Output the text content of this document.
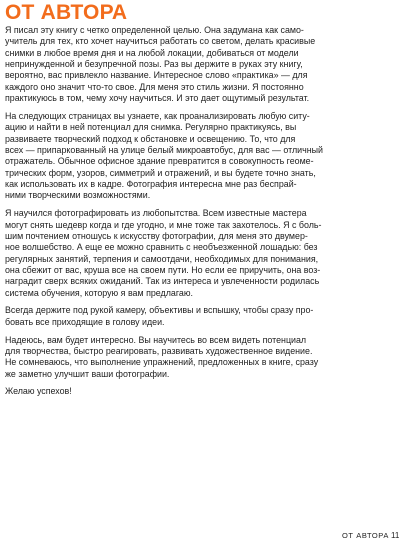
ОТ АВТОРА
Я писал эту книгу с четко определенной целью. Она задумана как само-
учитель для тех, кто хочет научиться работать со светом, делать красивые
снимки в любое время дня и на любой локации, добиваться от модели
непринужденной и безупречной позы. Раз вы держите в руках эту книгу,
вероятно, вас привлекло название. Интересное слово «практика» — для
каждого оно значит что-то свое. Для меня это стиль жизни. Я постоянно
практикуюсь в том, чему хочу научиться. И это дает ощутимый результат.
На следующих страницах вы узнаете, как проанализировать любую ситу-
ацию и найти в ней потенциал для снимка. Регулярно практикуясь, вы
развиваете творческий подход к обстановке и освещению. То, что для
всех — припаркованный на улице белый микроавтобус, для вас — отличный
отражатель. Обычное офисное здание превратится в совокупность геоме-
трических форм, узоров, симметрий и отражений, и вы будете точно знать,
как использовать их в кадре. Фотография интересна мне раз беспрай-
ними творческими возможностями.
Я научился фотографировать из любопытства. Всем известные мастера
могут снять шедевр когда и где угодно, и мне тоже так захотелось. Я с боль-
шим почтением отношусь к искусству фотографии, для меня это двумер-
ное волшебство. А еще ее можно сравнить с необъезженной лошадью: без
регулярных занятий, терпения и самоотдачи, необходимых для понимания,
она сбежит от вас, круша все на своем пути. Но если ее приручить, она воз-
наградит сверх всяких ожиданий. Так из интереса и увлеченности родилась
система обучения, которую я вам предлагаю.
Всегда держите под рукой камеру, объективы и вспышку, чтобы сразу про-
бовать все приходящие в голову идеи.
Надеюсь, вам будет интересно. Вы научитесь во всем видеть потенциал
для творчества, быстро реагировать, развивать художественное видение.
Не сомневаюсь, что выполнение упражнений, предложенных в книге, сразу
же заметно улучшит ваши фотографии.
Желаю успехов!
ОТ АВТОРА 11
